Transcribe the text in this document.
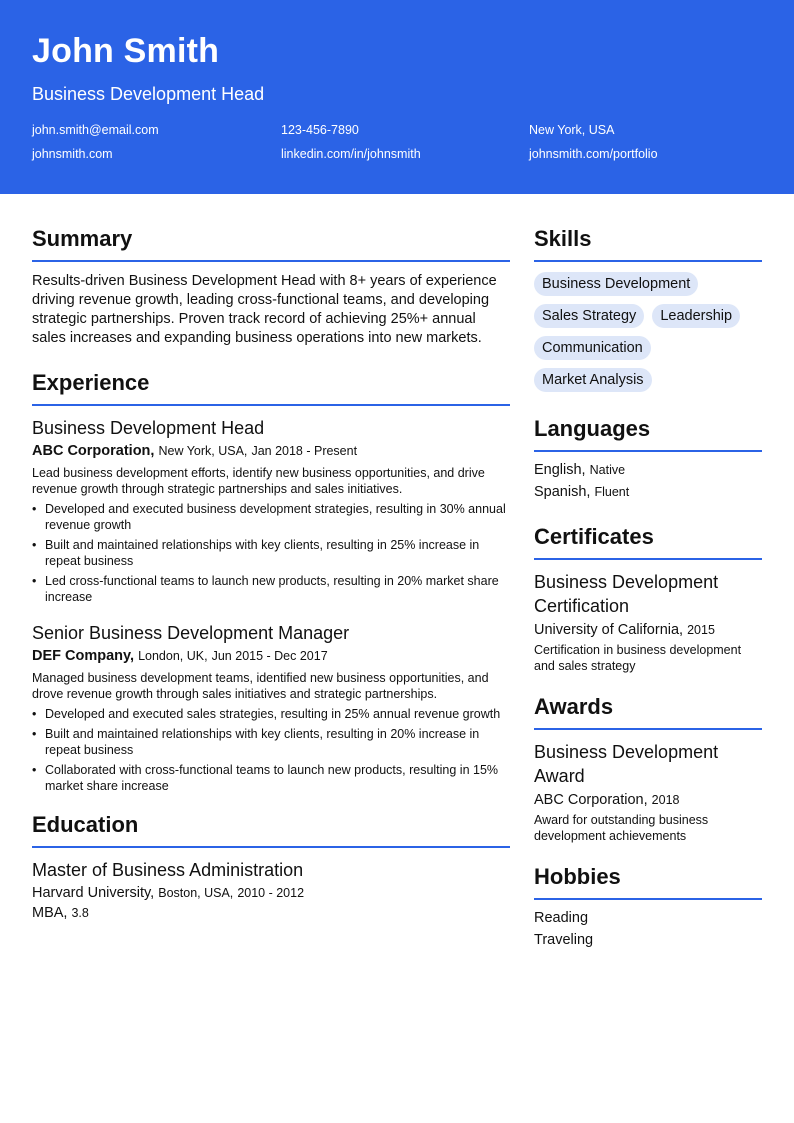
John Smith
Business Development Head
john.smith@email.com	123-456-7890	New York, USA
johnsmith.com	linkedin.com/in/johnsmith	johnsmith.com/portfolio
Summary
Results-driven Business Development Head with 8+ years of experience driving revenue growth, leading cross-functional teams, and developing strategic partnerships. Proven track record of achieving 25%+ annual sales increases and expanding business operations into new markets.
Experience
Business Development Head
ABC Corporation, New York, USA, Jan 2018 - Present
Lead business development efforts, identify new business opportunities, and drive revenue growth through strategic partnerships and sales initiatives.
• Developed and executed business development strategies, resulting in 30% annual revenue growth
• Built and maintained relationships with key clients, resulting in 25% increase in repeat business
• Led cross-functional teams to launch new products, resulting in 20% market share increase
Senior Business Development Manager
DEF Company, London, UK, Jun 2015 - Dec 2017
Managed business development teams, identified new business opportunities, and drove revenue growth through sales initiatives and strategic partnerships.
• Developed and executed sales strategies, resulting in 25% annual revenue growth
• Built and maintained relationships with key clients, resulting in 20% increase in repeat business
• Collaborated with cross-functional teams to launch new products, resulting in 15% market share increase
Education
Master of Business Administration
Harvard University, Boston, USA, 2010 - 2012
MBA, 3.8
Skills
Business Development
Sales Strategy	Leadership
Communication
Market Analysis
Languages
English, Native
Spanish, Fluent
Certificates
Business Development Certification
University of California, 2015
Certification in business development and sales strategy
Awards
Business Development Award
ABC Corporation, 2018
Award for outstanding business development achievements
Hobbies
Reading
Traveling
